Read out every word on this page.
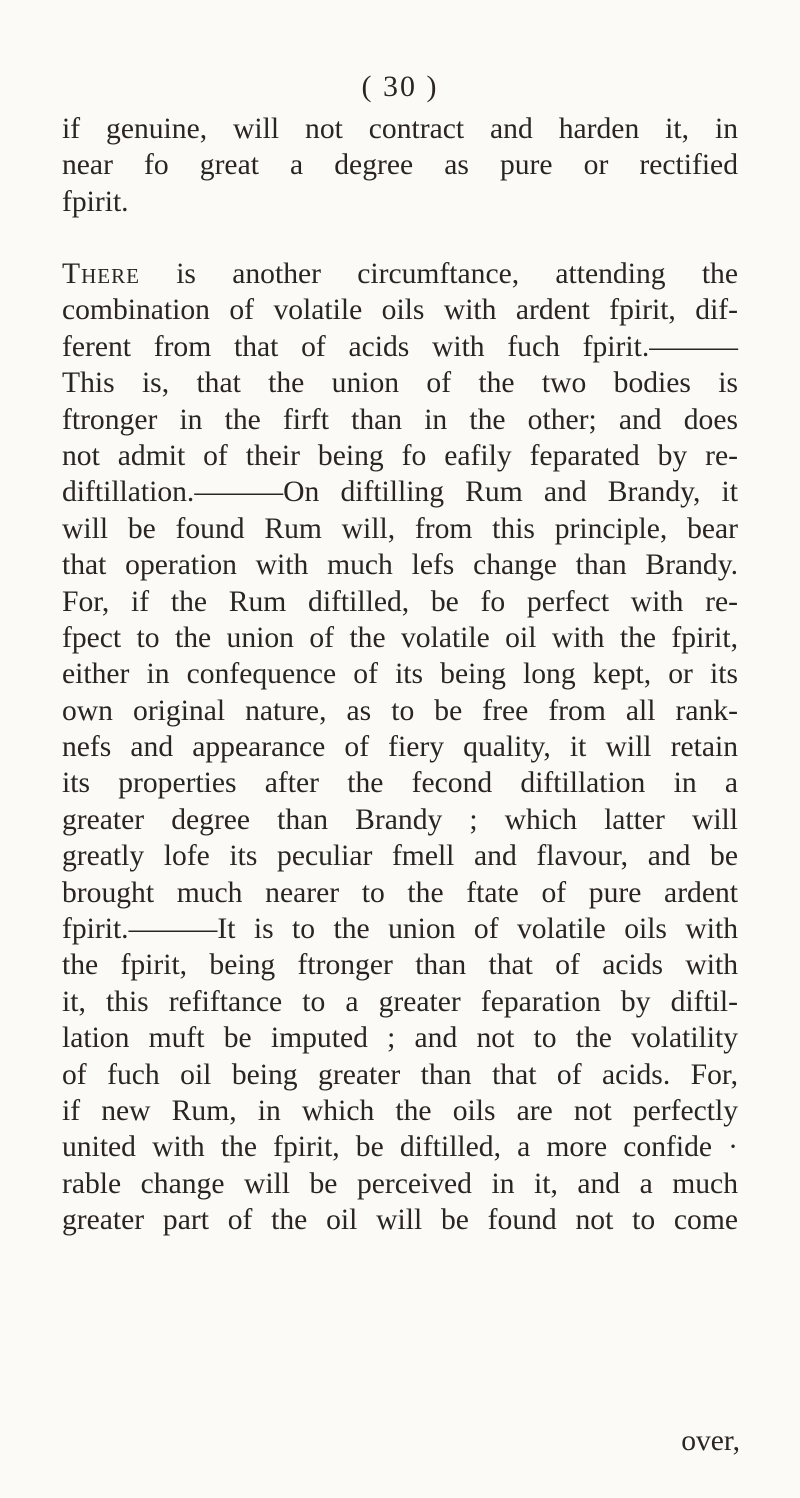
( 30 )
if genuine, will not contract and harden it, in
near fo great a degree as pure or rectified
fpirit.
There is another circumftance, attending the
combination of volatile oils with ardent fpirit, dif-
ferent from that of acids with fuch fpirit.———
This is, that the union of the two bodies is
ftronger in the firft than in the other; and does
not admit of their being fo eafily feparated by re-
diftillation.———On diftilling Rum and Brandy, it
will be found Rum will, from this principle, bear
that operation with much lefs change than Brandy.
For, if the Rum diftilled, be fo perfect with re-
fpect to the union of the volatile oil with the fpirit,
either in confequence of its being long kept, or its
own original nature, as to be free from all rank-
nefs and appearance of fiery quality, it will retain
its properties after the fecond diftillation in a
greater degree than Brandy ; which latter will
greatly lofe its peculiar fmell and flavour, and be
brought much nearer to the ftate of pure ardent
fpirit.———It is to the union of volatile oils with
the fpirit, being ftronger than that of acids with
it, this refiftance to a greater feparation by diftil-
lation muft be imputed ; and not to the volatility
of fuch oil being greater than that of acids. For,
if new Rum, in which the oils are not perfectly
united with the fpirit, be diftilled, a more confide ·
rable change will be perceived in it, and a much
greater part of the oil will be found not to come
over,
